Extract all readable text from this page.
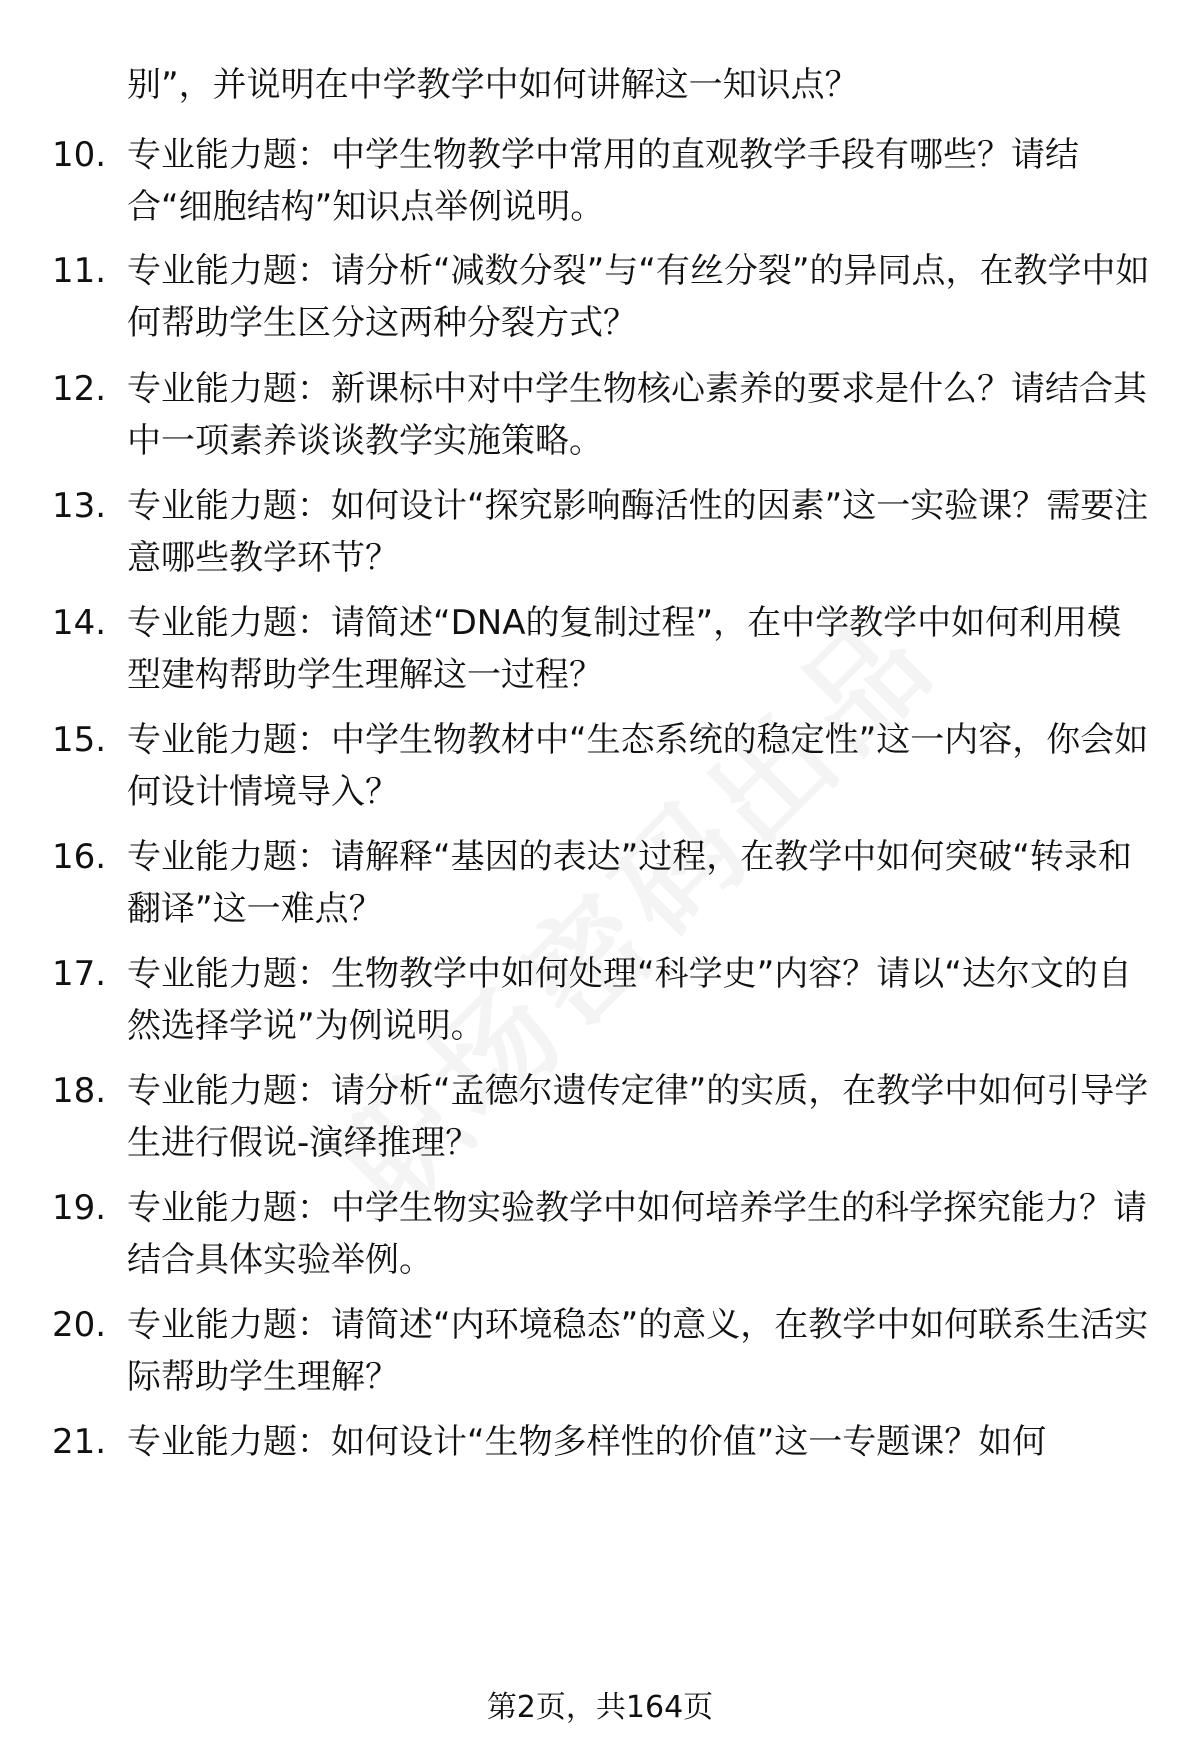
别”，并说明在中学教学中如何讲解这一知识点？
10. 专业能力题：中学生物教学中常用的直观教学手段有哪些？请结合“细胞结构”知识点举例说明。
11. 专业能力题：请分析“减数分裂”与“有丝分裂”的异同点，在教学中如何帮助学生区分这两种分裂方式？
12. 专业能力题：新课标中对中学生物核心素养的要求是什么？请结合其中一项素养谈谈教学实施策略。
13. 专业能力题：如何设计“探究影响酶活性的因素”这一实验课？需要注意哪些教学环节？
14. 专业能力题：请简述“DNA的复制过程”，在中学教学中如何利用模型建构帮助学生理解这一过程？
15. 专业能力题：中学生物教材中“生态系统的稳定性”这一内容，你会如何设计情境导入？
16. 专业能力题：请解释“基因的表达”过程，在教学中如何突破“转录和翻译”这一难点？
17. 专业能力题：生物教学中如何处理“科学史”内容？请以“达尔文的自然选择学说”为例说明。
18. 专业能力题：请分析“孟德尔遗传定律”的实质，在教学中如何引导学生进行假说-演绎推理？
19. 专业能力题：中学生物实验教学中如何培养学生的科学探究能力？请结合具体实验举例。
20. 专业能力题：请简述“内环境稳态”的意义，在教学中如何联系生活实际帮助学生理解？
21. 专业能力题：如何设计“生物多样性的价值”这一专题课？如何
第2页，共164页
